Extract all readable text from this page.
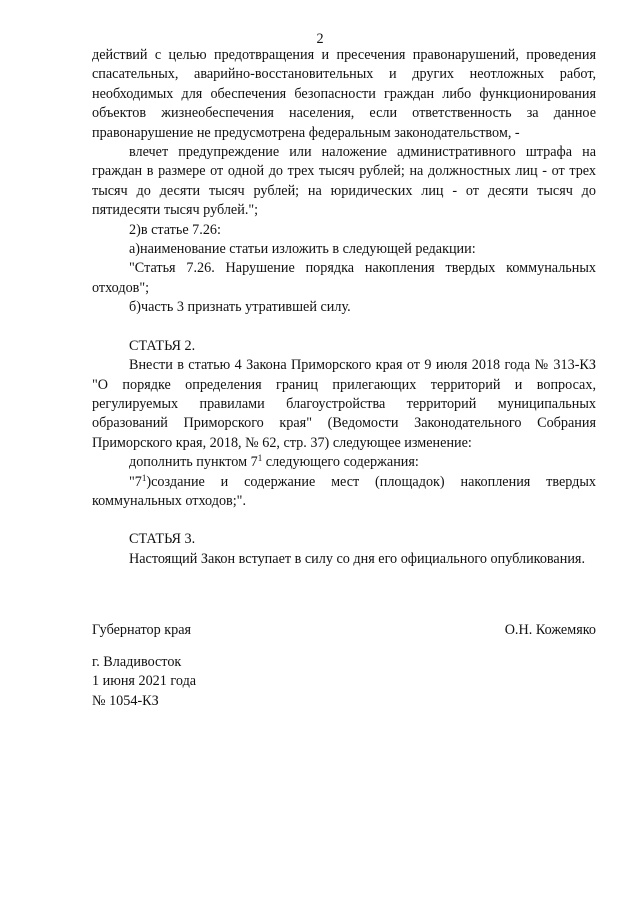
2

действий с целью предотвращения и пресечения правонарушений, проведения спасательных, аварийно-восстановительных и других неотложных работ, необходимых для обеспечения безопасности граждан либо функционирования объектов жизнеобеспечения населения, если ответственность за данное правонарушение не предусмотрена федеральным законодательством, -

влечет предупреждение или наложение административного штрафа на граждан в размере от одной до трех тысяч рублей; на должностных лиц - от трех тысяч до десяти тысяч рублей; на юридических лиц - от десяти тысяч до пятидесяти тысяч рублей.";

2)в статье 7.26:

а)наименование статьи изложить в следующей редакции:

"Статья 7.26. Нарушение порядка накопления твердых коммунальных отходов";

б)часть 3 признать утратившей силу.

СТАТЬЯ 2.

Внести в статью 4 Закона Приморского края от 9 июля 2018 года № 313-КЗ "О порядке определения границ прилегающих территорий и вопросах, регулируемых правилами благоустройства территорий муниципальных образований Приморского края" (Ведомости Законодательного Собрания Приморского края, 2018, № 62, стр. 37) следующее изменение:

дополнить пунктом $7^1$ следующего содержания:

"$7^1)создание$ и содержание мест (площадок) накопления твердых коммунальных отходов;".

СТАТЬЯ 3.

Настоящий Закон вступает в силу со дня его официального опубликования.

Губернатор края	О.Н. Кожемяко
г. Владивосток
1 июня 2021 года
№ 1054-КЗ
